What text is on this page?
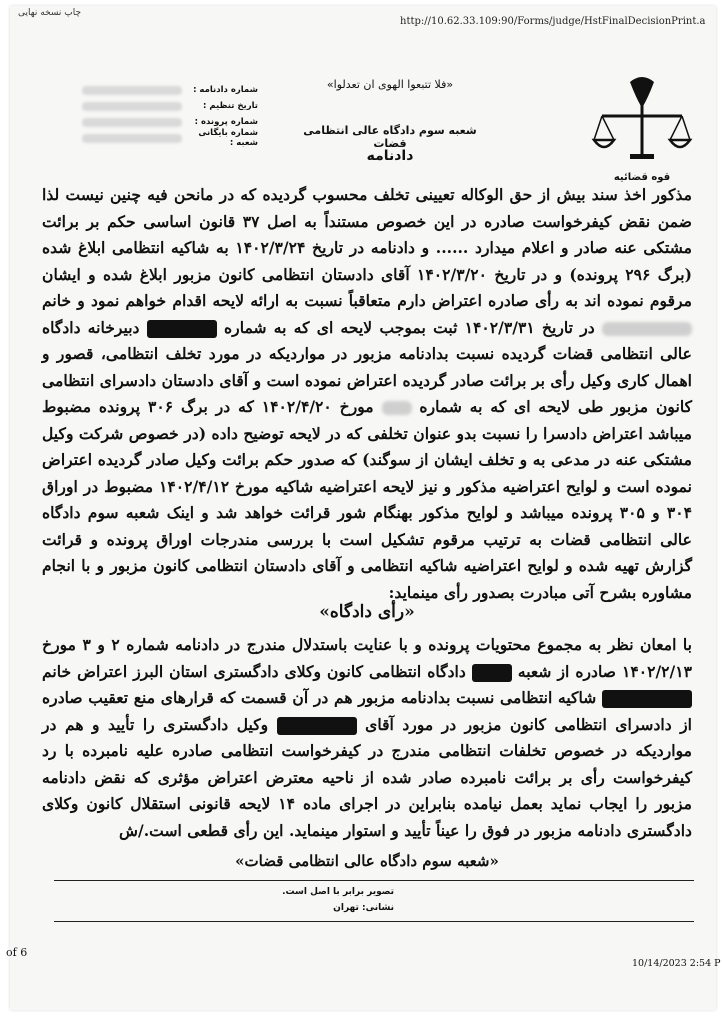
چاپ نسخه نهایی
http://10.62.33.109:90/Forms/judge/HstFinalDecisionPrint.a
قوه قضائیه
«فلا تتبعوا الهوی ان تعدلوا»
شعبه سوم دادگاه عالی انتظامی قضات
دادنامه
شماره دادنامه :
تاریخ تنظیم :
شماره پرونده :
شماره بایگانی شعبه :

مذکور اخذ سند بیش از حق الوکاله تعیینی تخلف محسوب گردیده که در مانحن فیه چنین نیست لذا ضمن نقض کیفرخواست صادره در این خصوص مستنداً به اصل ۳۷ قانون اساسی حکم بر برائت مشتکی عنه صادر و اعلام میدارد ...... و دادنامه در تاریخ ۱۴۰۲/۳/۲۴ به شاکیه انتظامی ابلاغ شده (برگ ۲۹۶ پرونده) و در تاریخ ۱۴۰۲/۳/۲۰ آقای دادستان انتظامی کانون مزبور ابلاغ شده و ایشان مرقوم نموده اند به رأی صادره اعتراض دارم متعاقباً نسبت به ارائه لایحه اقدام خواهم نمود و خانم  در تاریخ ۱۴۰۲/۳/۳۱ ثبت بموجب لایحه ای که به شماره  دبیرخانه دادگاه عالی انتظامی قضات گردیده نسبت بدادنامه مزبور در مواردیکه در مورد تخلف انتظامی، قصور و اهمال کاری وکیل رأی بر برائت صادر گردیده اعتراض نموده است و آقای دادستان دادسرای انتظامی کانون مزبور طی لایحه ای که به شماره  مورخ ۱۴۰۲/۴/۲۰ که در برگ ۳۰۶ پرونده مضبوط میباشد اعتراض دادسرا را نسبت بدو عنوان تخلفی که در لایحه توضیح داده (در خصوص شرکت وکیل مشتکی عنه در مدعی به و تخلف ایشان از سوگند) که صدور حکم برائت وکیل صادر گردیده اعتراض نموده است و لوایح اعتراضیه مذکور و نیز لایحه اعتراضیه شاکیه مورخ ۱۴۰۲/۴/۱۲ مضبوط در اوراق ۳۰۴ و ۳۰۵ پرونده میباشد و لوایح مذکور بهنگام شور قرائت خواهد شد و اینک شعبه سوم دادگاه عالی انتظامی قضات به ترتیب مرقوم تشکیل است با بررسی مندرجات اوراق پرونده و قرائت گزارش تهیه شده و لوایح اعتراضیه شاکیه انتظامی و آقای دادستان انتظامی کانون مزبور و با انجام مشاوره بشرح آتی مبادرت بصدور رأی مینماید:

«رأی دادگاه»

با امعان نظر به مجموع محتویات پرونده و با عنایت باستدلال مندرج در دادنامه شماره ۲ و ۳ مورخ ۱۴۰۲/۲/۱۳ صادره از شعبه  دادگاه انتظامی کانون وکلای دادگستری استان البرز اعتراض خانم  شاکیه انتظامی نسبت بدادنامه مزبور هم در آن قسمت که قرارهای منع تعقیب صادره از دادسرای انتظامی کانون مزبور در مورد آقای  وکیل دادگستری را تأیید و هم در مواردیکه در خصوص تخلفات انتظامی مندرج در کیفرخواست انتظامی صادره علیه نامبرده با رد کیفرخواست رأی بر برائت نامبرده صادر شده از ناحیه معترض اعتراض مؤثری که نقض دادنامه مزبور را ایجاب نماید بعمل نیامده بنابراین در اجرای ماده ۱۴ لایحه قانونی استقلال کانون وکلای دادگستری دادنامه مزبور در فوق را عیناً تأیید و استوار مینماید. این رأی قطعی است./ش

«شعبه سوم دادگاه عالی انتظامی قضات»
تصویر برابر با اصل است.
نشانی: تهران
of 6
10/14/2023 2:54 P
